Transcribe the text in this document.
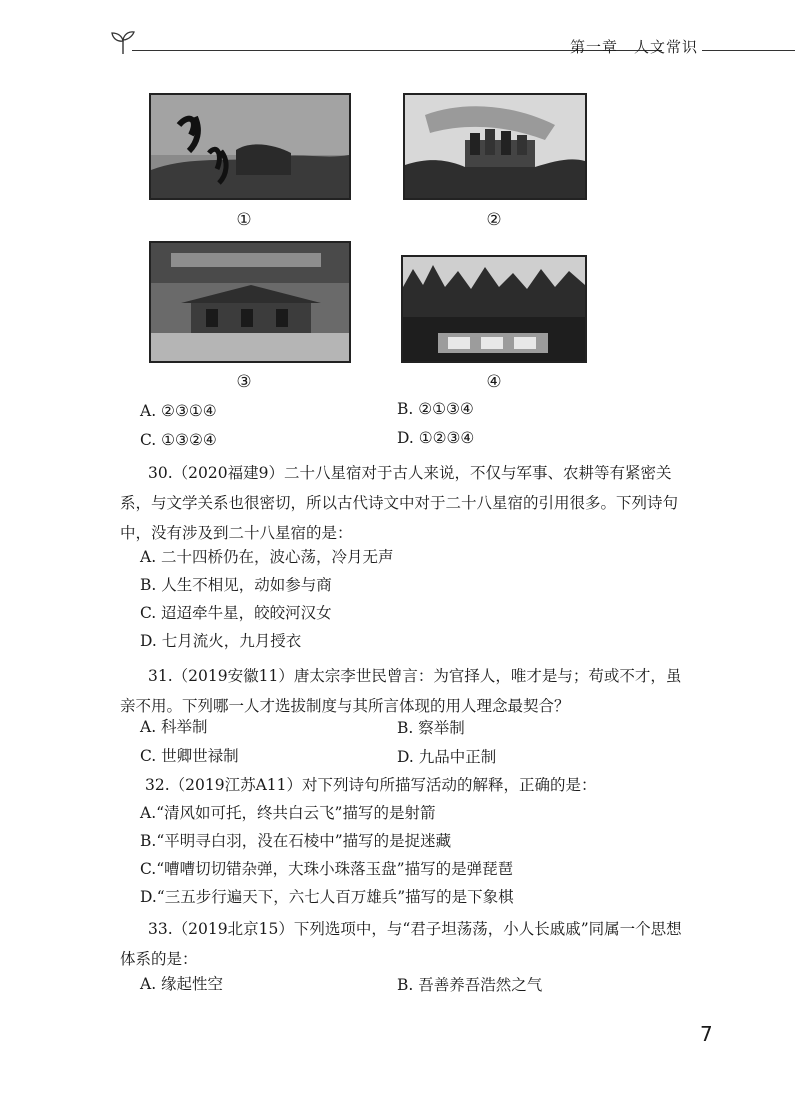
第一章　人文常识
①	②
③	④
A. ②③①④	B. ②①③④
C. ①③②④	D. ①②③④
30.（2020福建9）二十八星宿对于古人来说，不仅与军事、农耕等有紧密关系，与文学关系也很密切，所以古代诗文中对于二十八星宿的引用很多。下列诗句中，没有涉及到二十八星宿的是：
A. 二十四桥仍在，波心荡，冷月无声
B. 人生不相见，动如参与商
C. 迢迢牵牛星，皎皎河汉女
D. 七月流火，九月授衣
31.（2019安徽11）唐太宗李世民曾言：为官择人，唯才是与；苟或不才，虽亲不用。下列哪一人才选拔制度与其所言体现的用人理念最契合？
A. 科举制	B. 察举制
C. 世卿世禄制	D. 九品中正制
32.（2019江苏A11）对下列诗句所描写活动的解释，正确的是：
A.“清风如可托，终共白云飞”描写的是射箭
B.“平明寻白羽，没在石棱中”描写的是捉迷藏
C.“嘈嘈切切错杂弹，大珠小珠落玉盘”描写的是弹琵琶
D.“三五步行遍天下，六七人百万雄兵”描写的是下象棋
33.（2019北京15）下列选项中，与“君子坦荡荡，小人长戚戚”同属一个思想体系的是：
A. 缘起性空	B. 吾善养吾浩然之气
7
